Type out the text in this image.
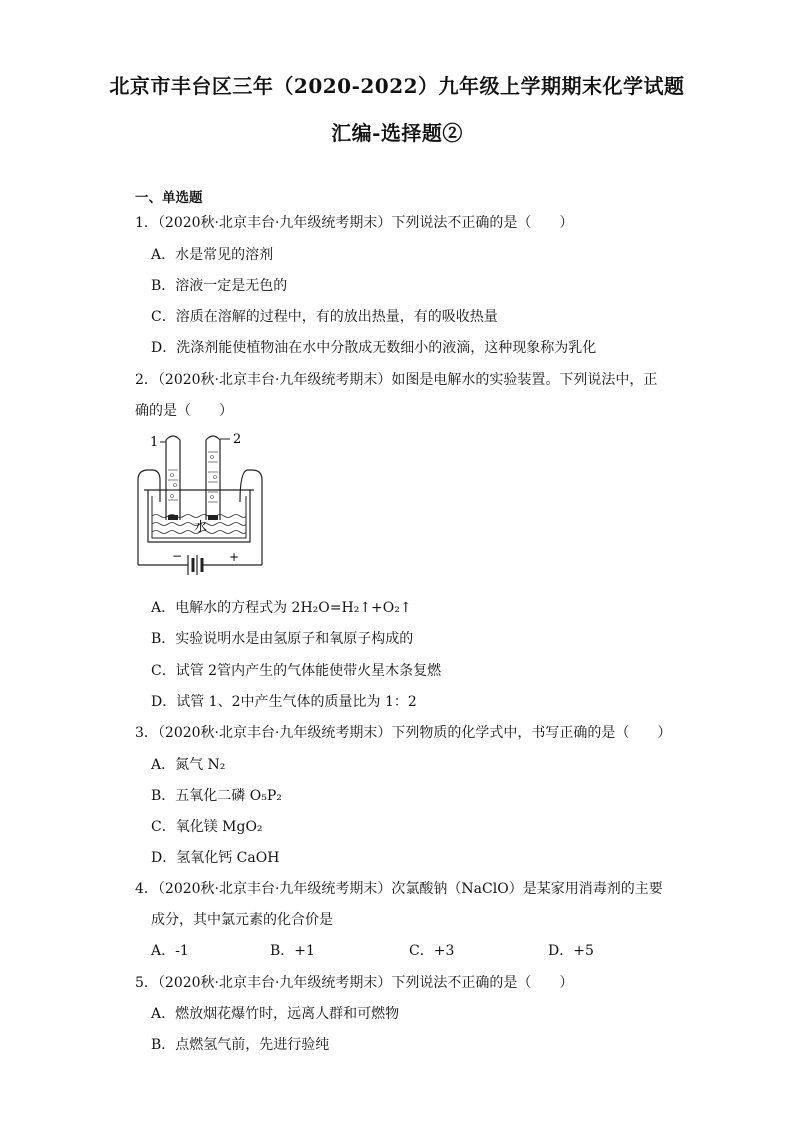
北京市丰台区三年（2020-2022）九年级上学期期末化学试题
汇编-选择题②
一、单选题
1．（2020秋·北京丰台·九年级统考期末）下列说法不正确的是（　　）
A．水是常见的溶剂
B．溶液一定是无色的
C．溶质在溶解的过程中，有的放出热量，有的吸收热量
D．洗涤剂能使植物油在水中分散成无数细小的液滴，这种现象称为乳化
2．（2020秋·北京丰台·九年级统考期末）如图是电解水的实验装置。下列说法中，正
确的是（　　）
−	+
水
1	2
A．电解水的方程式为 2H₂O=H₂↑+O₂↑
B．实验说明水是由氢原子和氧原子构成的
C．试管 2管内产生的气体能使带火星木条复燃
D．试管 1、2中产生气体的质量比为 1：2
3．（2020秋·北京丰台·九年级统考期末）下列物质的化学式中，书写正确的是（　　）
A．氮气 N₂
B．五氧化二磷 O₅P₂
C．氧化镁 MgO₂
D．氢氧化钙 CaOH
4．（2020秋·北京丰台·九年级统考期末）次氯酸钠（NaClO）是某家用消毒剂的主要
成分，其中氯元素的化合价是
A．-1	B．+1	C．+3	D．+5
5．（2020秋·北京丰台·九年级统考期末）下列说法不正确的是（　　）
A．燃放烟花爆竹时，远离人群和可燃物
B．点燃氢气前，先进行验纯
